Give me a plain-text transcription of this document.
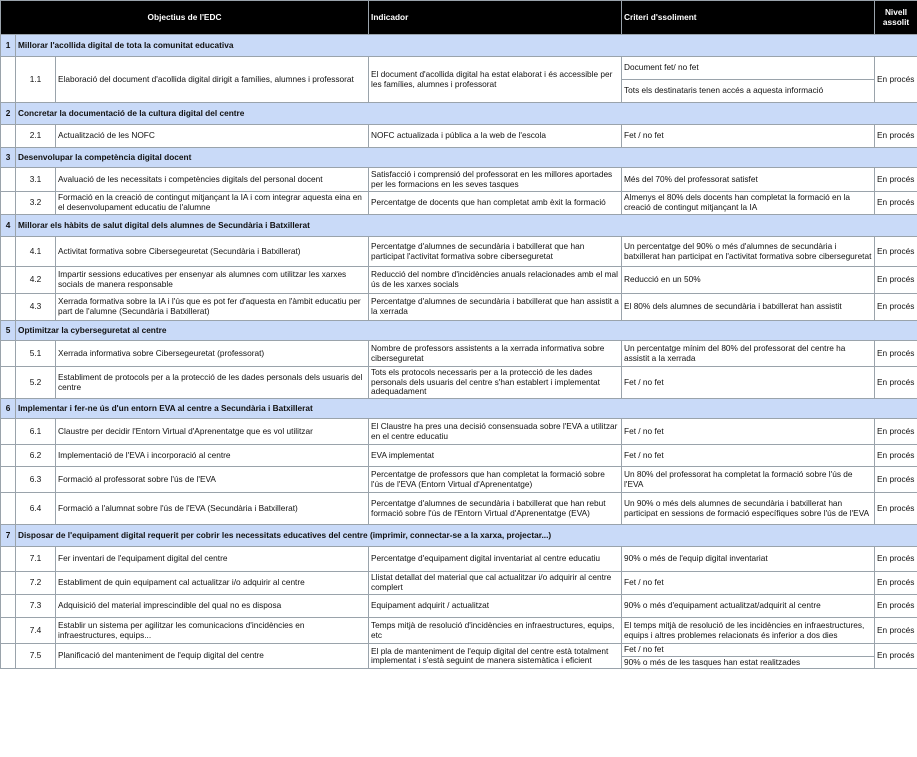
Objectius de l'EDC			Indicador	Criteri d'ssoliment	Nivell assolit
1	Millorar l'acollida digital de tota la comunitat educativa				
	1.1	Elaboració del document d'acollida digital dirigit a famílies, alumnes i professorat	El document d'acollida digital ha estat elaborat i és accessible per les famílies, alumnes i professorat	Document fet/ no fet	En procés
				Tots els destinataris tenen accés a aquesta informació	
2	Concretar la documentació de la cultura digital del centre				
	2.1	Actualització de les NOFC	NOFC actualizada i pública a la web de l'escola	Fet / no fet	En procés
3	Desenvolupar la competència digital docent				
	3.1	Avaluació de les necessitats i competències digitals del personal docent	Satisfacció i comprensió del professorat en les millores aportades per les formacions en les seves tasques	Més del 70% del professorat satisfet	En procés
	3.2	Formació en la creació de contingut mitjançant la IA i com integrar aquesta eina en el desenvolupament educatiu de l'alumne	Percentatge de docents que han completat amb èxit la formació	Almenys el 80% dels docents han completat la formació en la creació de contingut mitjançant la IA	En procés
4	Millorar els hàbits de salut digital dels alumnes de Secundària i Batxillerat				
	4.1	Activitat formativa sobre Cibersegeuretat (Secundària i Batxillerat)	Percentatge d'alumnes de secundària i batxillerat que han participat l'activitat formativa sobre ciberseguretat	Un percentatge del 90% o més d'alumnes de secundària i batxillerat han participat en l'activitat formativa sobre ciberseguretat	En procés
	4.2	Impartir sessions educatives per ensenyar als alumnes com utilitzar les xarxes socials de manera responsable	Reducció del nombre d'incidències anuals relacionades amb el mal ús de les xarxes socials	Reducció en un 50%	En procés
	4.3	Xerrada formativa sobre la IA i l'ús que es pot fer d'aquesta en l'àmbit educatiu per part de l'alumne (Secundària i Batxillerat)	Percentatge d'alumnes de secundària i batxillerat que han assistit a la xerrada	El 80% dels alumnes de secundària i batxillerat han assistit	En procés
5	Optimitzar la cyberseguretat al centre				
	5.1	Xerrada informativa sobre Cibersegeuretat (professorat)	Nombre de professors assistents a la xerrada informativa sobre ciberseguretat	Un percentatge mínim del 80% del professorat del centre ha assistit a la xerrada	En procés
	5.2	Establiment de protocols per a la protecció de les dades personals dels usuaris del centre	Tots els protocols necessaris per a la protecció de les dades personals dels usuaris del centre s'han establert i implementat adequadament	Fet / no fet	En procés
6	Implementar i fer-ne ús d'un entorn EVA al centre a Secundària i Batxillerat				
	6.1	Claustre per decidir l'Entorn Virtual d'Aprenentatge que es vol utilitzar	El Claustre ha pres una decisió consensuada sobre l'EVA a utilitzar en el centre educatiu	Fet / no fet	En procés
	6.2	Implementació de l'EVA i incorporació al centre	EVA implementat	Fet / no fet	En procés
	6.3	Formació al professorat sobre l'ús de l'EVA	Percentatge de professors que han completat la formació sobre l'ús de l'EVA (Entorn Virtual d'Aprenentatge)	Un 80% del professorat ha completat la formació sobre l'ús de l'EVA	En procés
	6.4	Formació a l'alumnat sobre l'ús de l'EVA (Secundària i Batxillerat)	Percentatge d'alumnes de secundària i batxillerat que han rebut formació sobre l'ús de l'Entorn Virtual d'Aprenentatge (EVA)	Un 90% o més dels alumnes de secundària i batxillerat han participat en sessions de formació específiques sobre l'ús de l'EVA	En procés
7	Disposar de l'equipament digital requerit per cobrir les necessitats educatives del centre (imprimir, connectar-se a la xarxa, projectar...)				
	7.1	Fer inventari de l'equipament digital del centre	Percentatge d'equipament digital inventariat al centre educatiu	90% o més de l'equip digital inventariat	En procés
	7.2	Establiment de quin equipament cal actualitzar i/o adquirir al centre	Llistat detallat del material que cal actualitzar i/o adquirir al centre complert	Fet / no fet	En procés
	7.3	Adquisició del material imprescindible del qual no es disposa	Equipament adquirit / actualitzat	90% o més d'equipament actualitzat/adquirit al centre	En procés
	7.4	Establir un sistema per agilitzar les comunicacions d'incidències en infraestructures, equips...	Temps mitjà de resolució d'incidències en infraestructures, equips, etc	El temps mitjà de resolució de les incidències en infraestructures, equips i altres problemes relacionats és inferior a dos dies	En procés
	7.5	Planificació del manteniment de l'equip digital del centre	El pla de manteniment de l'equip digital del centre està totalment implementat i s'està seguint de manera sistemàtica i eficient	Fet / no fet	En procés
				90% o més de les tasques han estat realitzades	
